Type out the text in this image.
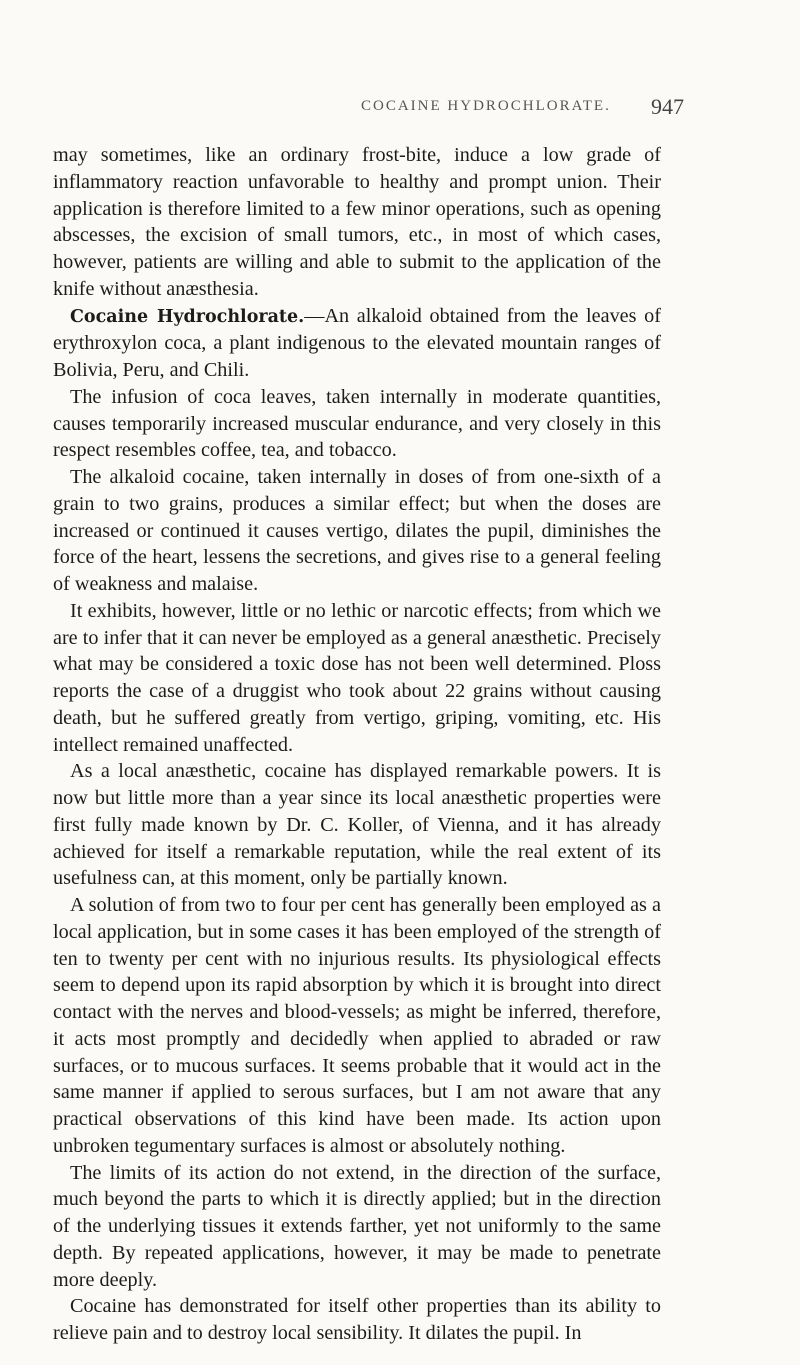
COCAINE HYDROCHLORATE. 947

may sometimes, like an ordinary frost-bite, induce a low grade of inflammatory reaction unfavorable to healthy and prompt union. Their application is therefore limited to a few minor operations, such as opening abscesses, the excision of small tumors, etc., in most of which cases, however, patients are willing and able to submit to the application of the knife without anæsthesia.

Cocaine Hydrochlorate.—An alkaloid obtained from the leaves of erythroxylon coca, a plant indigenous to the elevated mountain ranges of Bolivia, Peru, and Chili.

The infusion of coca leaves, taken internally in moderate quantities, causes temporarily increased muscular endurance, and very closely in this respect resembles coffee, tea, and tobacco.

The alkaloid cocaine, taken internally in doses of from one-sixth of a grain to two grains, produces a similar effect; but when the doses are increased or continued it causes vertigo, dilates the pupil, diminishes the force of the heart, lessens the secretions, and gives rise to a general feeling of weakness and malaise.

It exhibits, however, little or no lethic or narcotic effects; from which we are to infer that it can never be employed as a general anæsthetic. Precisely what may be considered a toxic dose has not been well determined. Ploss reports the case of a druggist who took about 22 grains without causing death, but he suffered greatly from vertigo, griping, vomiting, etc. His intellect remained unaffected.

As a local anæsthetic, cocaine has displayed remarkable powers. It is now but little more than a year since its local anæsthetic properties were first fully made known by Dr. C. Koller, of Vienna, and it has already achieved for itself a remarkable reputation, while the real extent of its usefulness can, at this moment, only be partially known.

A solution of from two to four per cent has generally been employed as a local application, but in some cases it has been employed of the strength of ten to twenty per cent with no injurious results. Its physiological effects seem to depend upon its rapid absorption by which it is brought into direct contact with the nerves and blood-vessels; as might be inferred, therefore, it acts most promptly and decidedly when applied to abraded or raw surfaces, or to mucous surfaces. It seems probable that it would act in the same manner if applied to serous surfaces, but I am not aware that any practical observations of this kind have been made. Its action upon unbroken tegumentary surfaces is almost or absolutely nothing.

The limits of its action do not extend, in the direction of the surface, much beyond the parts to which it is directly applied; but in the direction of the underlying tissues it extends farther, yet not uniformly to the same depth. By repeated applications, however, it may be made to penetrate more deeply.

Cocaine has demonstrated for itself other properties than its ability to relieve pain and to destroy local sensibility. It dilates the pupil. In
